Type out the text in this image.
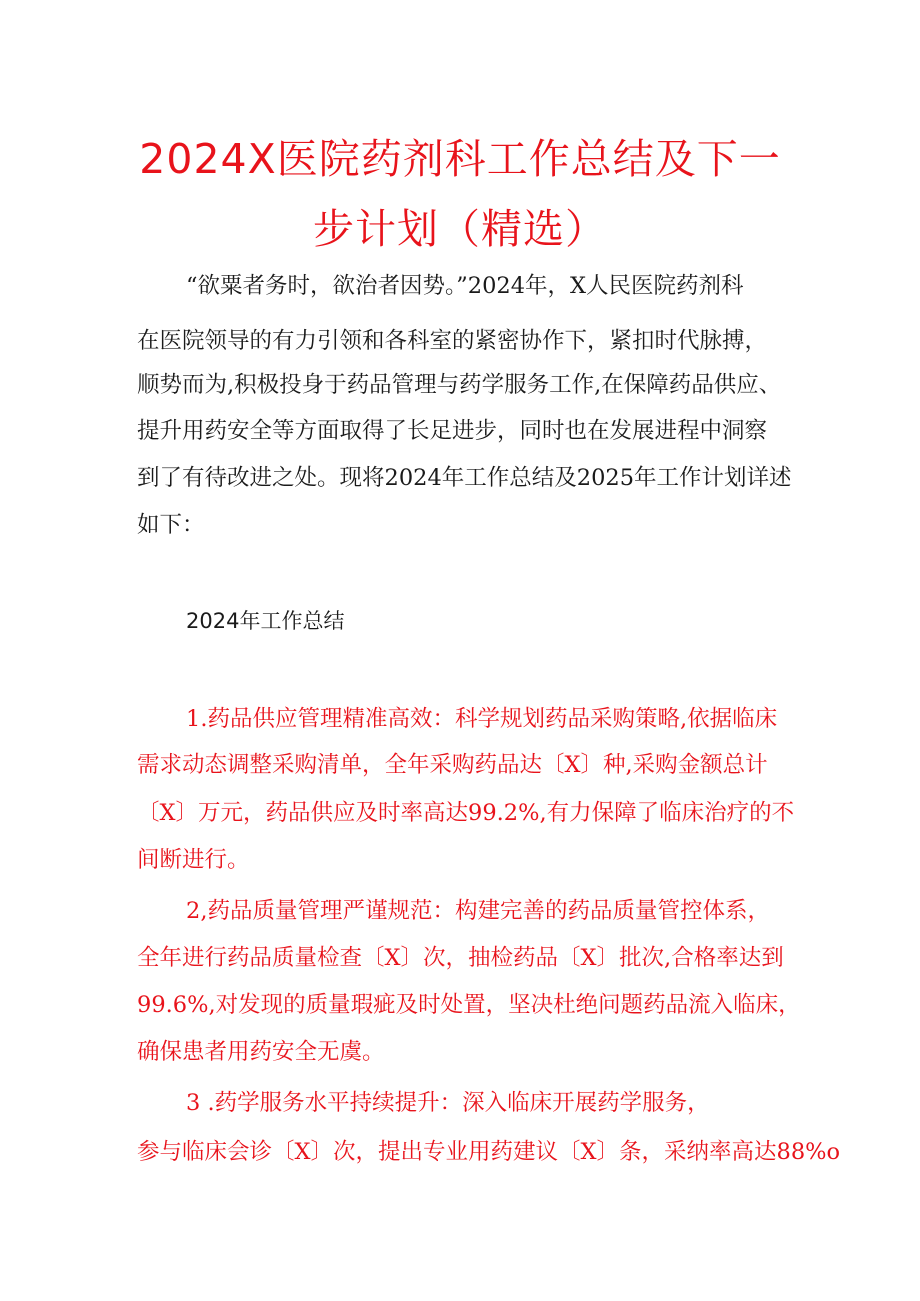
2024X医院药剂科工作总结及下一
步计划（精选）
“欲粟者务时，欲治者因势。”2024年，X人民医院药剂科
在医院领导的有力引领和各科室的紧密协作下，紧扣时代脉搏，
顺势而为,积极投身于药品管理与药学服务工作,在保障药品供应、
提升用药安全等方面取得了长足进步，同时也在发展进程中洞察
到了有待改进之处。现将2024年工作总结及2025年工作计划详述
如下：
2024年工作总结
1.药品供应管理精准高效：科学规划药品采购策略,依据临床
需求动态调整采购清单，全年采购药品达〔X〕种,采购金额总计
〔X〕万元，药品供应及时率高达99.2%,有力保障了临床治疗的不
间断进行。
2,药品质量管理严谨规范：构建完善的药品质量管控体系，
全年进行药品质量检查〔X〕次，抽检药品〔X〕批次,合格率达到
99.6%,对发现的质量瑕疵及时处置，坚决杜绝问题药品流入临床，
确保患者用药安全无虞。
3 .药学服务水平持续提升：深入临床开展药学服务，
参与临床会诊〔X〕次，提出专业用药建议〔X〕条，采纳率高达88%o
